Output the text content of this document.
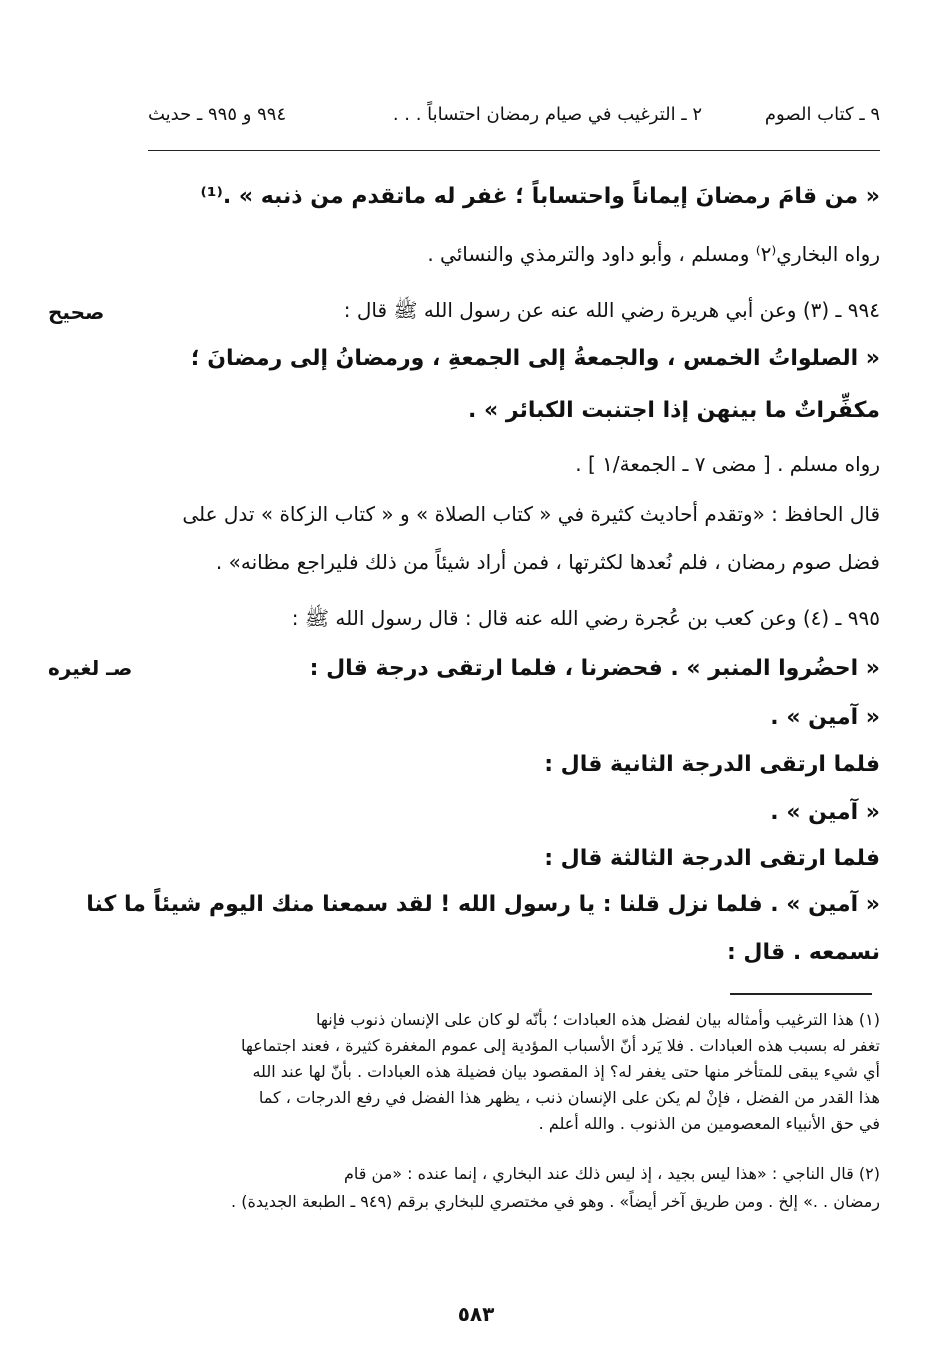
٩ ـ كتاب الصوم
٢ ـ الترغيب في صيام رمضان احتساباً . . .
٩٩٤ و ٩٩٥ ـ حديث
صحيح
صـ لغيره
« من قامَ رمضانَ إيماناً واحتساباً ؛ غفر له ماتقدم من ذنبه » .⁽¹⁾
رواه البخاري⁽٢⁾ ومسلم ، وأبو داود والترمذي والنسائي .
٩٩٤ ـ (٣) وعن أبي هريرة رضي الله عنه عن رسول الله ﷺ قال :
« الصلواتُ الخمس ، والجمعةُ إلى الجمعةِ ، ورمضانُ إلى رمضانَ ؛
مكفِّراتٌ ما بينهن إذا اجتنبت الكبائر » .
رواه مسلم . [ مضى ٧ ـ الجمعة/١ ] .
قال الحافظ : «وتقدم أحاديث كثيرة في « كتاب الصلاة » و « كتاب الزكاة » تدل على
فضل صوم رمضان ، فلم نُعدها لكثرتها ، فمن أراد شيئاً من ذلك فليراجع مظانه» .
٩٩٥ ـ (٤) وعن كعب بن عُجرة رضي الله عنه قال : قال رسول الله ﷺ :
« احضُروا المنبر » . فحضرنا ، فلما ارتقى درجة قال :
« آمين » .
فلما ارتقى الدرجة الثانية قال :
« آمين » .
فلما ارتقى الدرجة الثالثة قال :
« آمين » . فلما نزل قلنا : يا رسول الله ! لقد سمعنا منك اليوم شيئاً ما كنا
نسمعه . قال :
(١) هذا الترغيب وأمثاله بيان لفضل هذه العبادات ؛ بأنّه لو كان على الإنسان ذنوب فإنها
تغفر له بسبب هذه العبادات . فلا يَرد أنّ الأسباب المؤدية إلى عموم المغفرة كثيرة ، فعند اجتماعها
أي شيء يبقى للمتأخر منها حتى يغفر له؟ إذ المقصود بيان فضيلة هذه العبادات . بأنّ لها عند الله
هذا القدر من الفضل ، فإنْ لم يكن على الإنسان ذنب ، يظهر هذا الفضل في رفع الدرجات ، كما
في حق الأنبياء المعصومين من الذنوب . والله أعلم .
(٢) قال الناجي : «هذا ليس بجيد ، إذ ليس ذلك عند البخاري ، إنما عنده : «من قام
رمضان . .» إلخ . ومن طريق آخر أيضاً» . وهو في مختصري للبخاري برقم (٩٤٩ ـ الطبعة الجديدة) .
٥٨٣
